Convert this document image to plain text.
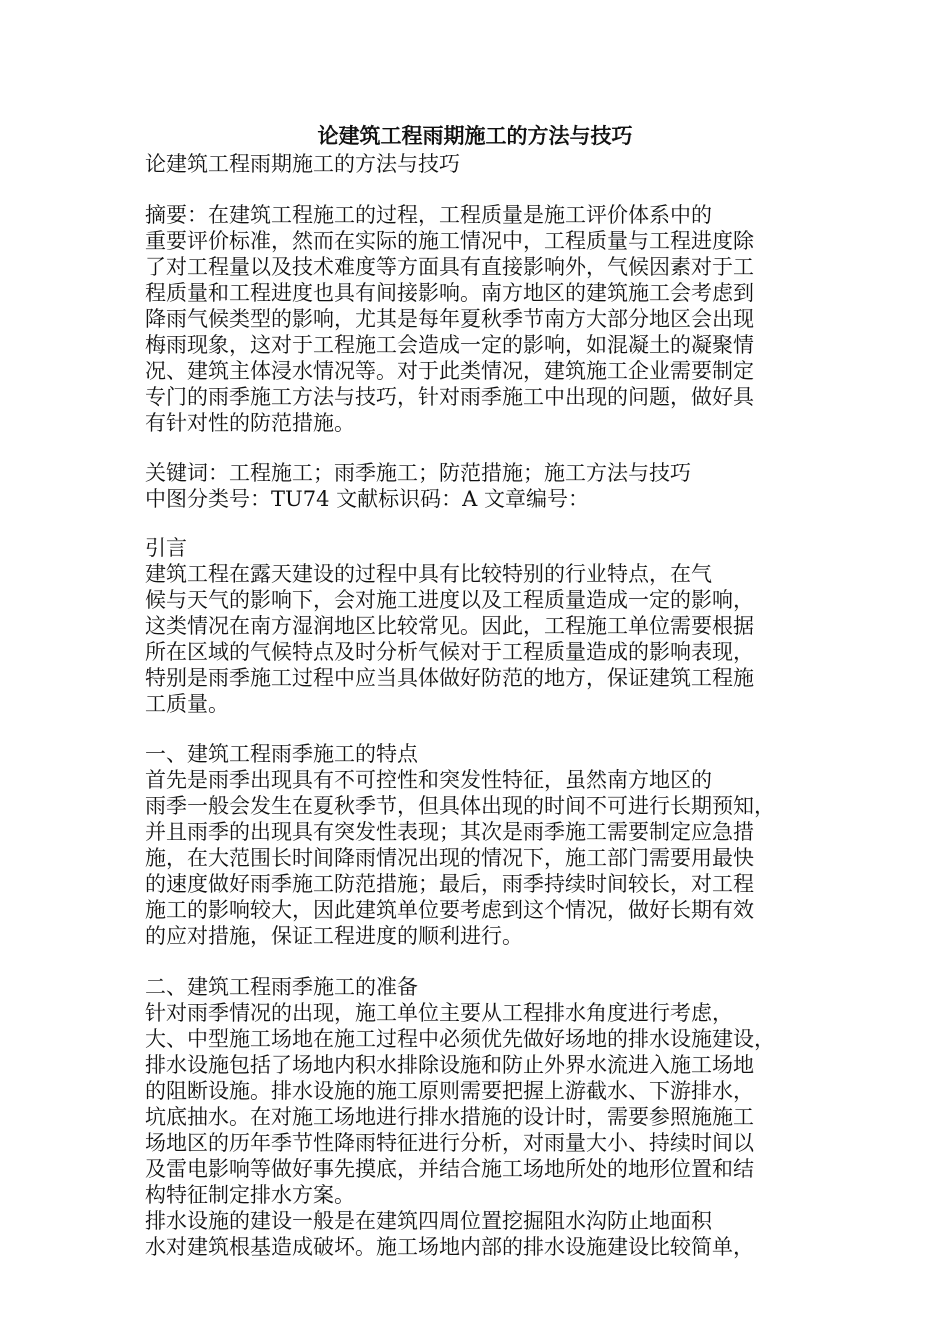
论建筑工程雨期施工的方法与技巧
论建筑工程雨期施工的方法与技巧
摘要：在建筑工程施工的过程，工程质量是施工评价体系中的
重要评价标准，然而在实际的施工情况中，工程质量与工程进度除
了对工程量以及技术难度等方面具有直接影响外，气候因素对于工
程质量和工程进度也具有间接影响。南方地区的建筑施工会考虑到
降雨气候类型的影响，尤其是每年夏秋季节南方大部分地区会出现
梅雨现象，这对于工程施工会造成一定的影响，如混凝土的凝聚情
况、建筑主体浸水情况等。对于此类情况，建筑施工企业需要制定
专门的雨季施工方法与技巧，针对雨季施工中出现的问题，做好具
有针对性的防范措施。
关键词：工程施工；雨季施工；防范措施；施工方法与技巧
中图分类号：TU74 文献标识码：A 文章编号：
引言
建筑工程在露天建设的过程中具有比较特别的行业特点，在气
候与天气的影响下，会对施工进度以及工程质量造成一定的影响，
这类情况在南方湿润地区比较常见。因此，工程施工单位需要根据
所在区域的气候特点及时分析气候对于工程质量造成的影响表现，
特别是雨季施工过程中应当具体做好防范的地方，保证建筑工程施
工质量。
一、建筑工程雨季施工的特点
首先是雨季出现具有不可控性和突发性特征，虽然南方地区的
雨季一般会发生在夏秋季节，但具体出现的时间不可进行长期预知，
并且雨季的出现具有突发性表现；其次是雨季施工需要制定应急措
施，在大范围长时间降雨情况出现的情况下，施工部门需要用最快
的速度做好雨季施工防范措施；最后，雨季持续时间较长，对工程
施工的影响较大，因此建筑单位要考虑到这个情况，做好长期有效
的应对措施，保证工程进度的顺利进行。
二、建筑工程雨季施工的准备
针对雨季情况的出现，施工单位主要从工程排水角度进行考虑，
大、中型施工场地在施工过程中必须优先做好场地的排水设施建设，
排水设施包括了场地内积水排除设施和防止外界水流进入施工场地
的阻断设施。排水设施的施工原则需要把握上游截水、下游排水，
坑底抽水。在对施工场地进行排水措施的设计时，需要参照施施工
场地区的历年季节性降雨特征进行分析，对雨量大小、持续时间以
及雷电影响等做好事先摸底，并结合施工场地所处的地形位置和结
构特征制定排水方案。
排水设施的建设一般是在建筑四周位置挖掘阻水沟防止地面积
水对建筑根基造成破坏。施工场地内部的排水设施建设比较简单，
